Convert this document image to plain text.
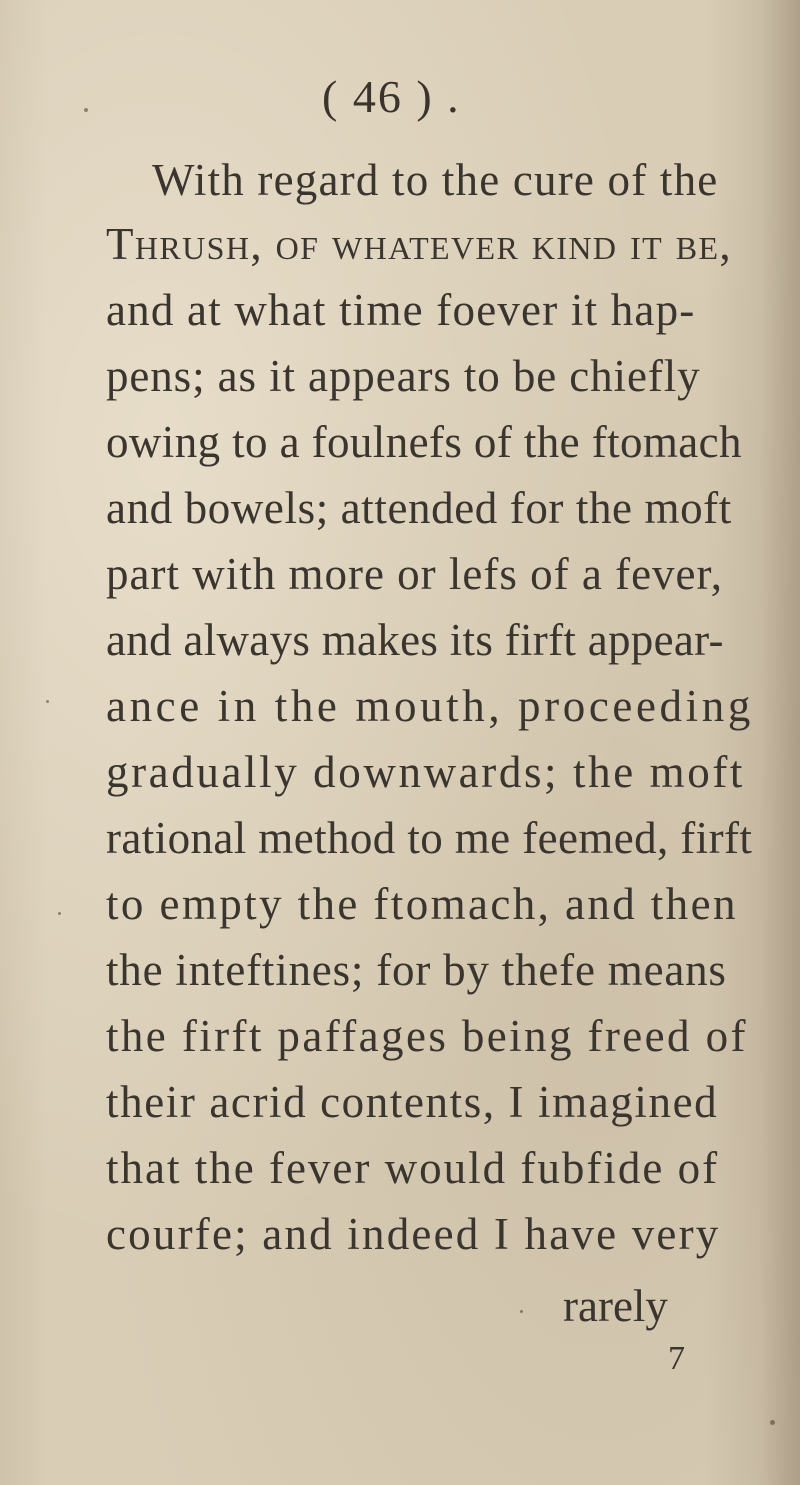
( 46 ) .
With regard to the cure of the
Thrush, of whatever kind it be,
and at what time foever it hap-
pens; as it appears to be chiefly
owing to a foulnefs of the ftomach
and bowels; attended for the moft
part with more or lefs of a fever,
and always makes its firft appear-
ance in the mouth, proceeding
gradually downwards; the moft
rational method to me feemed, firft
to empty the ftomach, and then
the inteftines; for by thefe means
the firft paffages being freed of
their acrid contents, I imagined
that the fever would fubfide of
courfe; and indeed I have very
rarely
7
